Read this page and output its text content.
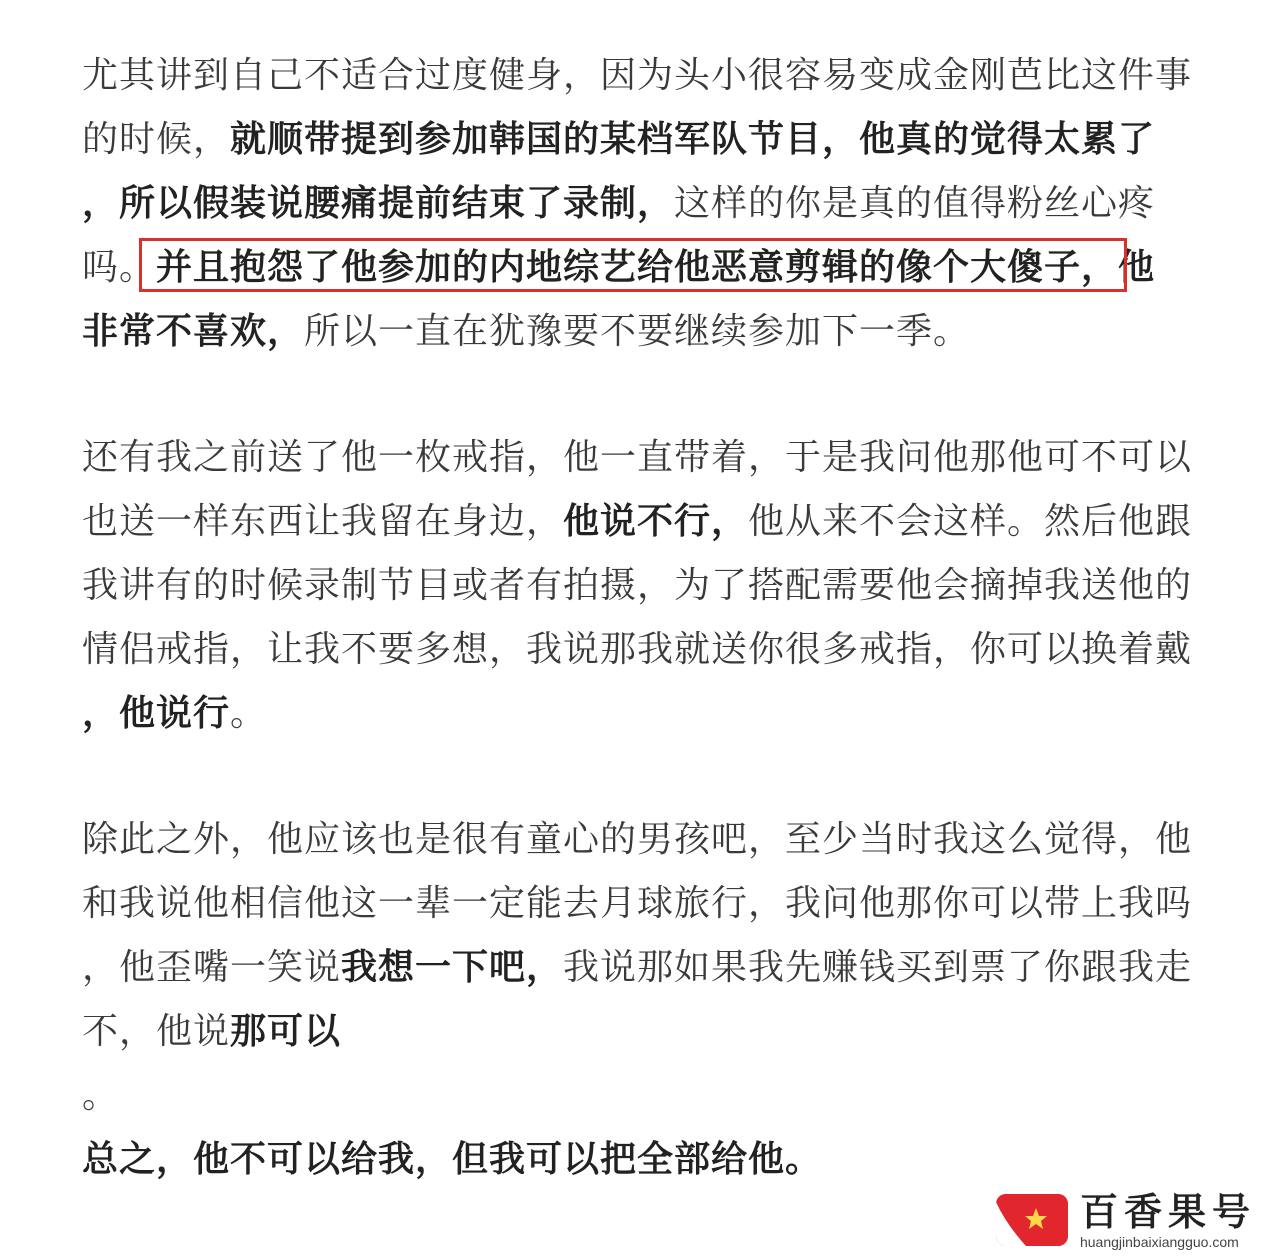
尤其讲到自己不适合过度健身，因为头小很容易变成金刚芭比这件事
的时候，就顺带提到参加韩国的某档军队节目，他真的觉得太累了
，所以假装说腰痛提前结束了录制，这样的你是真的值得粉丝心疼
吗。并且抱怨了他参加的内地综艺给他恶意剪辑的像个大傻子，他
非常不喜欢，所以一直在犹豫要不要继续参加下一季。
还有我之前送了他一枚戒指，他一直带着，于是我问他那他可不可以
也送一样东西让我留在身边，他说不行，他从来不会这样。然后他跟
我讲有的时候录制节目或者有拍摄，为了搭配需要他会摘掉我送他的
情侣戒指，让我不要多想，我说那我就送你很多戒指，你可以换着戴
，他说行。
除此之外，他应该也是很有童心的男孩吧，至少当时我这么觉得，他
和我说他相信他这一辈一定能去月球旅行，我问他那你可以带上我吗
，他歪嘴一笑说我想一下吧，我说那如果我先赚钱买到票了你跟我走
不，他说那可以
。
总之，他不可以给我，但我可以把全部给他。
百香果号
huangjinbaixiangguo.com
